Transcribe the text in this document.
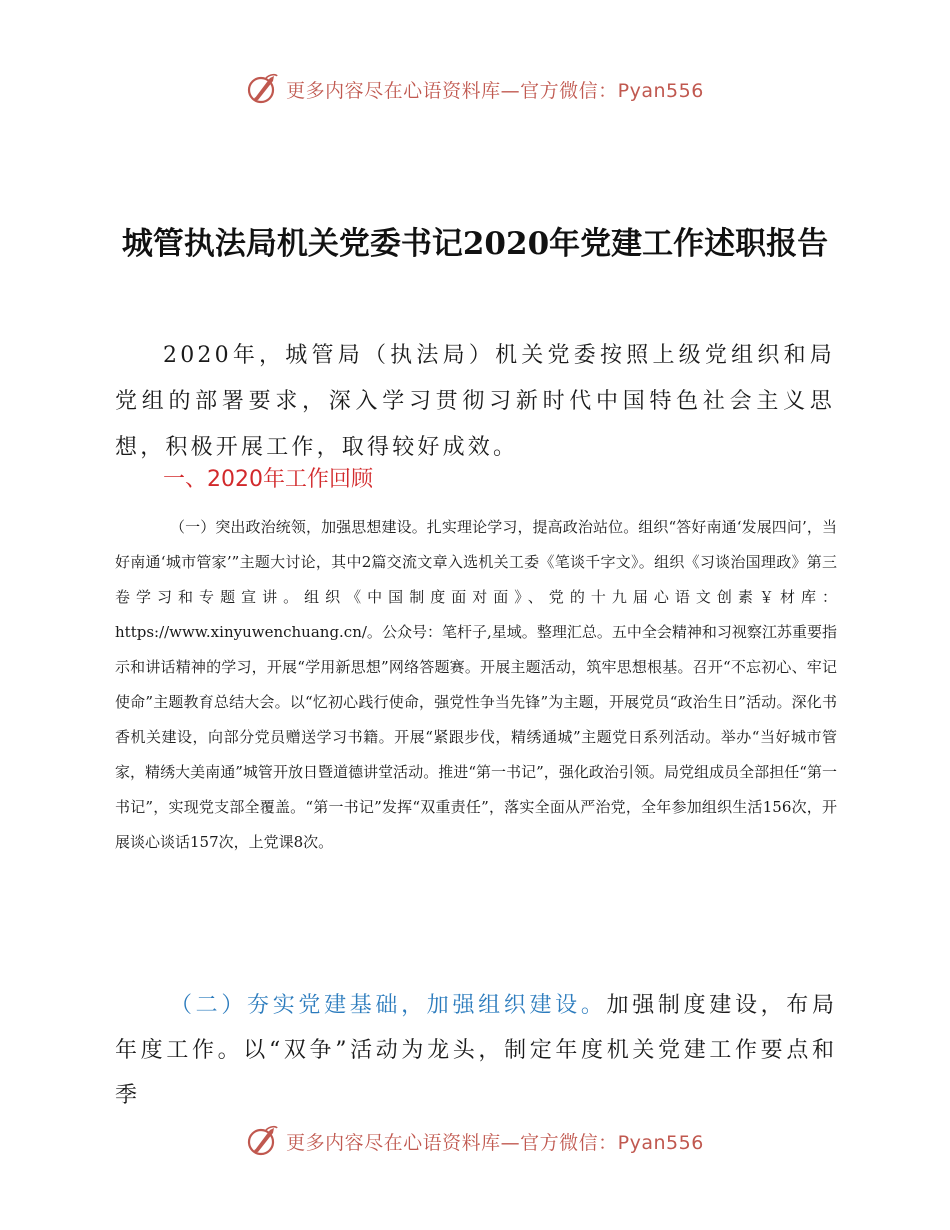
更多内容尽在心语资料库—官方微信：Pyan556
城管执法局机关党委书记2020年党建工作述职报告

2020年，城管局（执法局）机关党委按照上级党组织和局党组的部署要求，深入学习贯彻习新时代中国特色社会主义思想，积极开展工作，取得较好成效。

一、2020年工作回顾

（一）突出政治统领，加强思想建设。扎实理论学习，提高政治站位。组织“答好南通‘发展四问’，当好南通‘城市管家’”主题大讨论，其中2篇交流文章入选机关工委《笔谈千字文》。组织《习谈治国理政》第三卷学习和专题宣讲。组织《中国制度面对面》、党的十九届心语文创素￥材库：https://www.xinyuwenchuang.cn/。公众号：笔杆子,星域。整理汇总。五中全会精神和习视察江苏重要指示和讲话精神的学习，开展“学用新思想”网络答题赛。开展主题活动，筑牢思想根基。召开“不忘初心、牢记使命”主题教育总结大会。以“忆初心践行使命，强党性争当先锋”为主题，开展党员“政治生日”活动。深化书香机关建设，向部分党员赠送学习书籍。开展“紧跟步伐，精绣通城”主题党日系列活动。举办“当好城市管家，精绣大美南通”城管开放日暨道德讲堂活动。推进“第一书记”，强化政治引领。局党组成员全部担任“第一书记”，实现党支部全覆盖。“第一书记”发挥“双重责任”，落实全面从严治党，全年参加组织生活156次，开展谈心谈话157次，上党课8次。

（二）夯实党建基础，加强组织建设。加强制度建设，布局年度工作。以“双争”活动为龙头，制定年度机关党建工作要点和季

更多内容尽在心语资料库—官方微信：Pyan556
